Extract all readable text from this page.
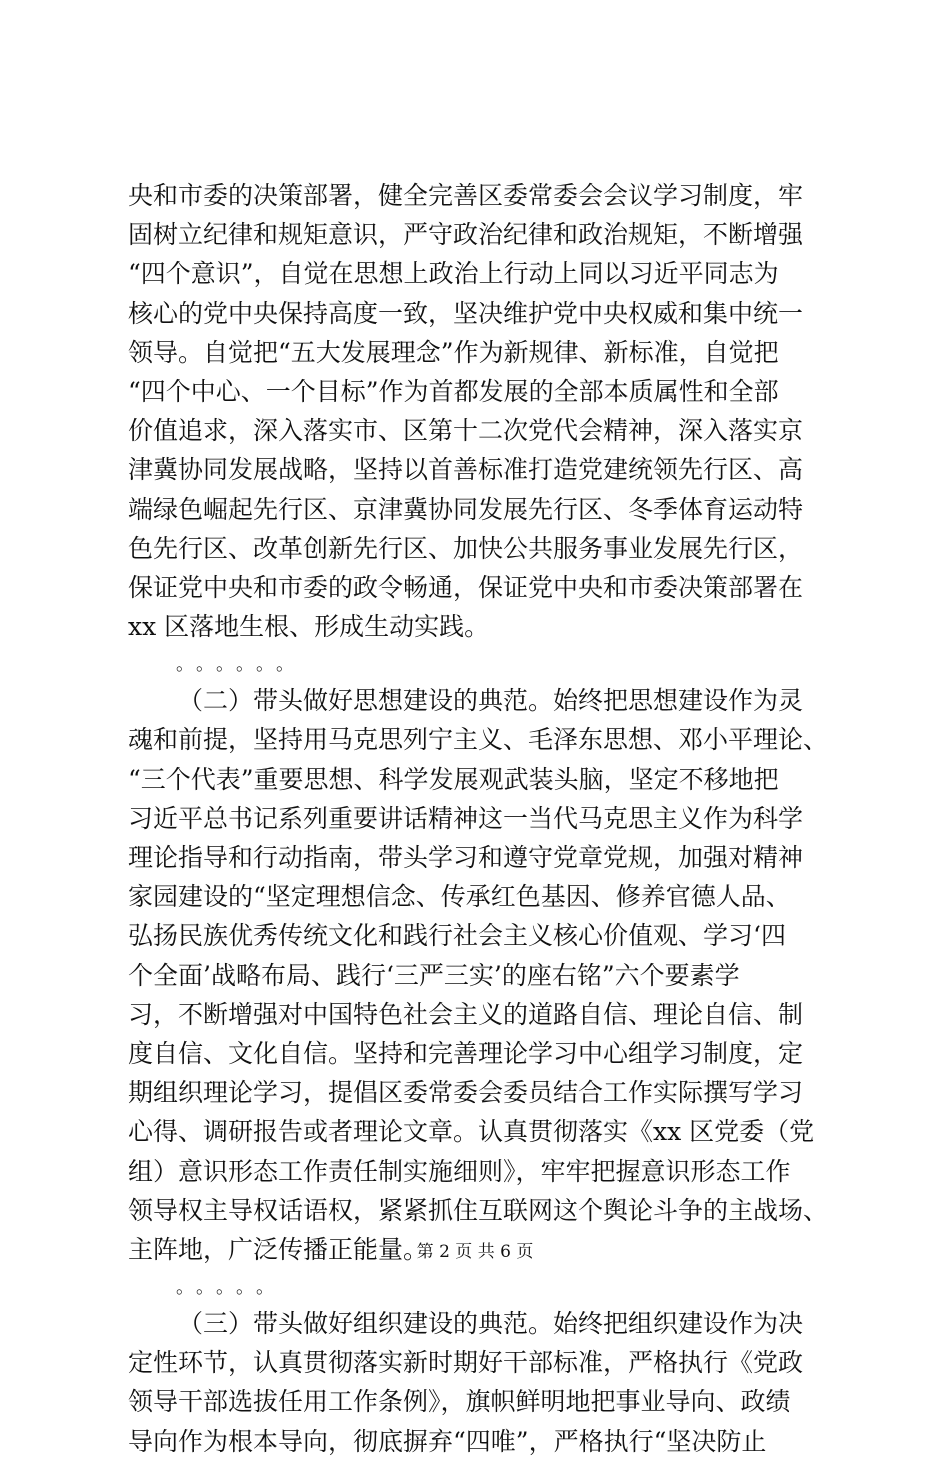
央和市委的决策部署，健全完善区委常委会会议学习制度，牢
固树立纪律和规矩意识，严守政治纪律和政治规矩，不断增强
“四个意识”，自觉在思想上政治上行动上同以习近平同志为
核心的党中央保持高度一致，坚决维护党中央权威和集中统一
领导。自觉把“五大发展理念”作为新规律、新标准，自觉把
“四个中心、一个目标”作为首都发展的全部本质属性和全部
价值追求，深入落实市、区第十二次党代会精神，深入落实京
津冀协同发展战略，坚持以首善标准打造党建统领先行区、高
端绿色崛起先行区、京津冀协同发展先行区、冬季体育运动特
色先行区、改革创新先行区、加快公共服务事业发展先行区，
保证党中央和市委的政令畅通，保证党中央和市委决策部署在
xx 区落地生根、形成生动实践。
。。。。。。
（二）带头做好思想建设的典范。始终把思想建设作为灵
魂和前提，坚持用马克思列宁主义、毛泽东思想、邓小平理论、
“三个代表”重要思想、科学发展观武装头脑，坚定不移地把
习近平总书记系列重要讲话精神这一当代马克思主义作为科学
理论指导和行动指南，带头学习和遵守党章党规，加强对精神
家园建设的“坚定理想信念、传承红色基因、修养官德人品、
弘扬民族优秀传统文化和践行社会主义核心价值观、学习‘四
个全面’战略布局、践行‘三严三实’的座右铭”六个要素学
习，不断增强对中国特色社会主义的道路自信、理论自信、制
度自信、文化自信。坚持和完善理论学习中心组学习制度，定
期组织理论学习，提倡区委常委会委员结合工作实际撰写学习
心得、调研报告或者理论文章。认真贯彻落实《xx 区党委（党
组）意识形态工作责任制实施细则》，牢牢把握意识形态工作
领导权主导权话语权，紧紧抓住互联网这个舆论斗争的主战场、
主阵地，广泛传播正能量。
。。。。。
（三）带头做好组织建设的典范。始终把组织建设作为决
定性环节，认真贯彻落实新时期好干部标准，严格执行《党政
领导干部选拔任用工作条例》，旗帜鲜明地把事业导向、政绩
导向作为根本导向，彻底摒弃“四唯”，严格执行“坚决防止
第 2 页 共 6 页
